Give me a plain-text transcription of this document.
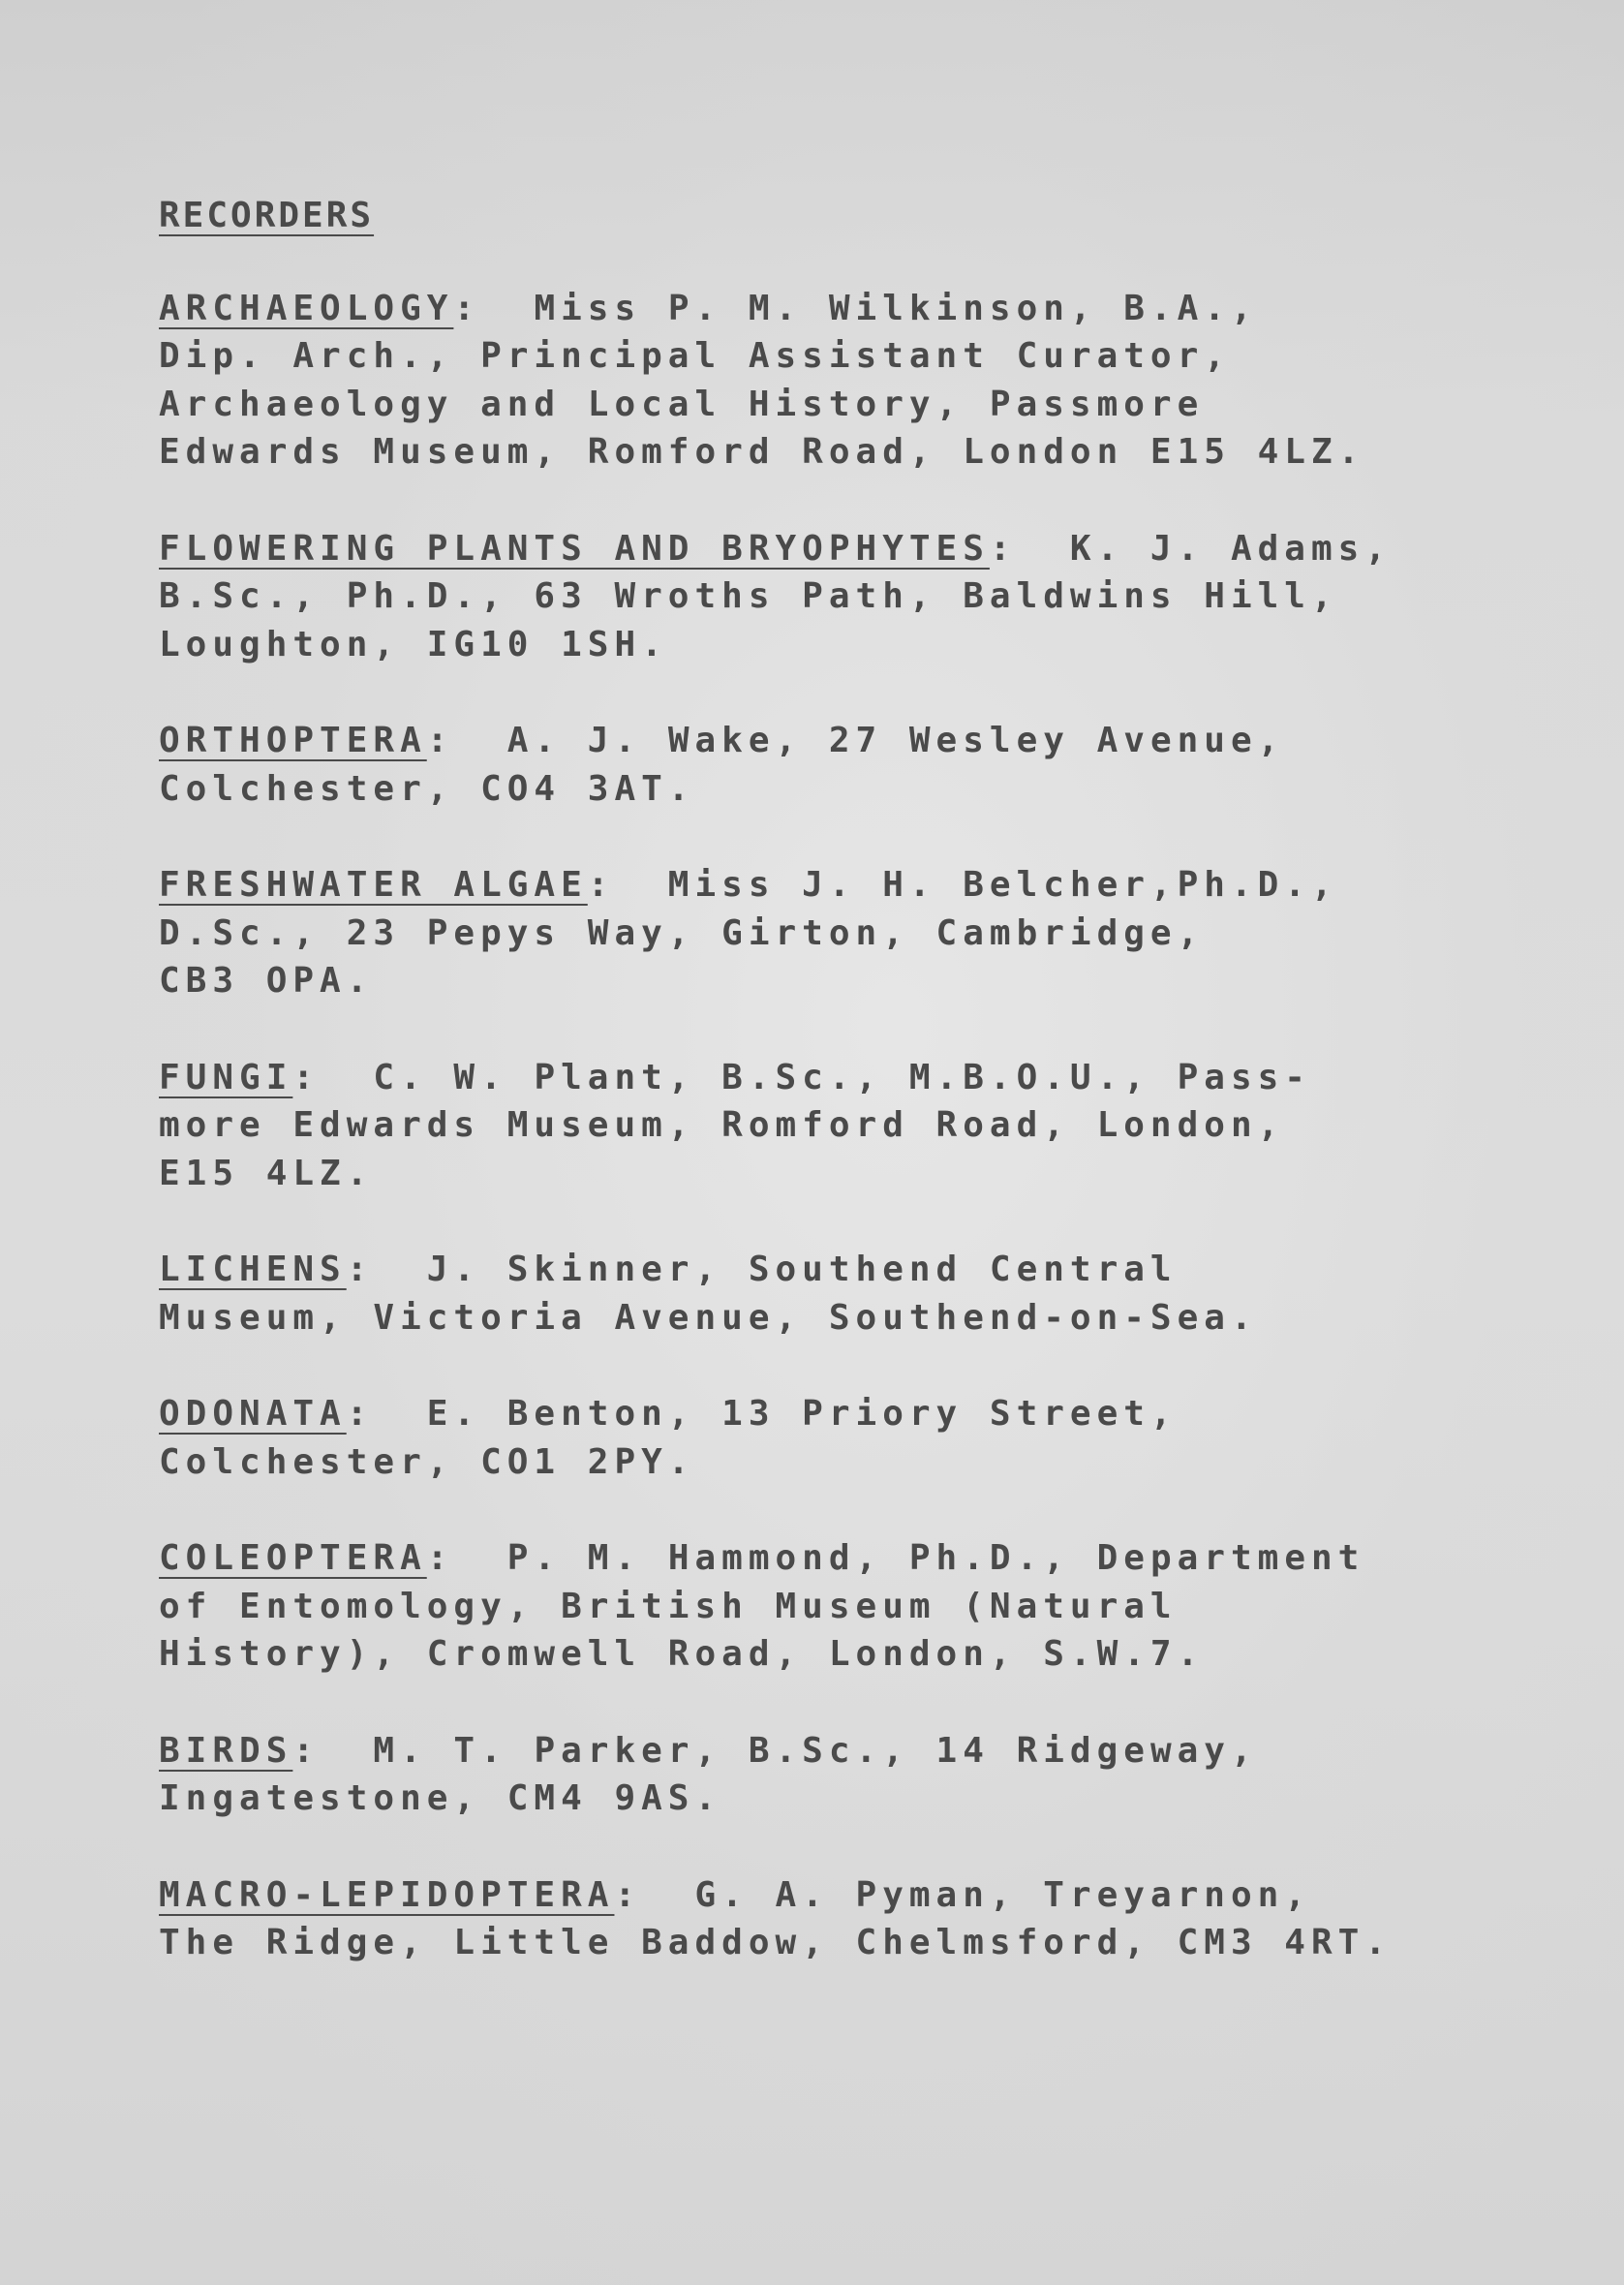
RECORDERS
ARCHAEOLOGY:  Miss P. M. Wilkinson, B.A.,
Dip. Arch., Principal Assistant Curator,
Archaeology and Local History, Passmore
Edwards Museum, Romford Road, London E15 4LZ.
FLOWERING PLANTS AND BRYOPHYTES:  K. J. Adams,
B.Sc., Ph.D., 63 Wroths Path, Baldwins Hill,
Loughton, IG10 1SH.
ORTHOPTERA:  A. J. Wake, 27 Wesley Avenue,
Colchester, CO4 3AT.
FRESHWATER ALGAE:  Miss J. H. Belcher,Ph.D.,
D.Sc., 23 Pepys Way, Girton, Cambridge,
CB3 OPA.
FUNGI:  C. W. Plant, B.Sc., M.B.O.U., Pass-
more Edwards Museum, Romford Road, London,
E15 4LZ.
LICHENS:  J. Skinner, Southend Central
Museum, Victoria Avenue, Southend-on-Sea.
ODONATA:  E. Benton, 13 Priory Street,
Colchester, CO1 2PY.
COLEOPTERA:  P. M. Hammond, Ph.D., Department
of Entomology, British Museum (Natural
History), Cromwell Road, London, S.W.7.
BIRDS:  M. T. Parker, B.Sc., 14 Ridgeway,
Ingatestone, CM4 9AS.
MACRO-LEPIDOPTERA:  G. A. Pyman, Treyarnon,
The Ridge, Little Baddow, Chelmsford, CM3 4RT.
